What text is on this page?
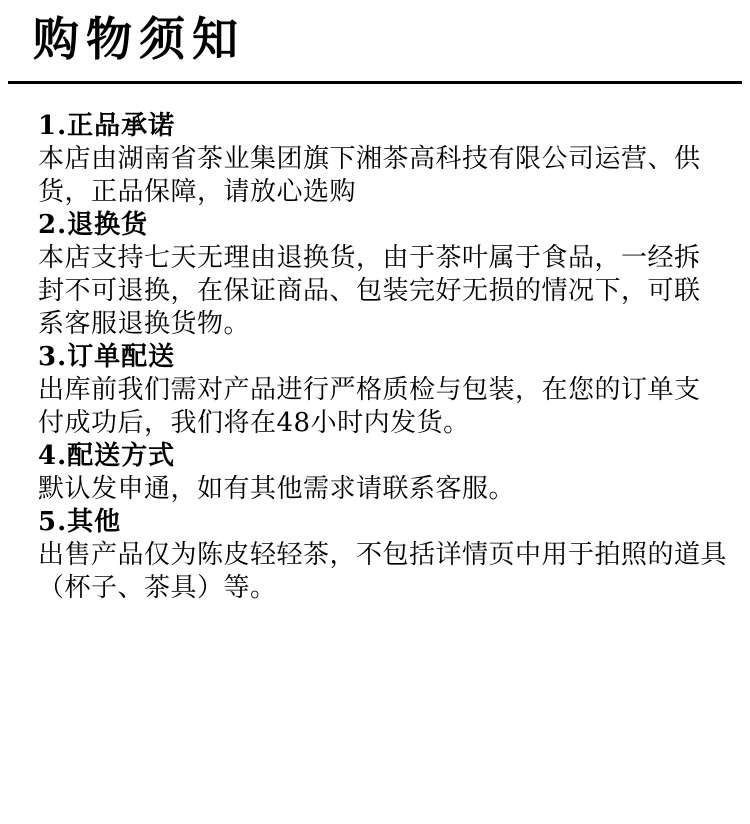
购物须知
1.正品承诺
本店由湖南省茶业集团旗下湘茶高科技有限公司运营、供
货，正品保障，请放心选购
2.退换货
本店支持七天无理由退换货，由于茶叶属于食品，一经拆
封不可退换，在保证商品、包装完好无损的情况下，可联
系客服退换货物。
3.订单配送
出库前我们需对产品进行严格质检与包装，在您的订单支
付成功后，我们将在48小时内发货。
4.配送方式
默认发申通，如有其他需求请联系客服。
5.其他
出售产品仅为陈皮轻轻茶，不包括详情页中用于拍照的道具
（杯子、茶具）等。
